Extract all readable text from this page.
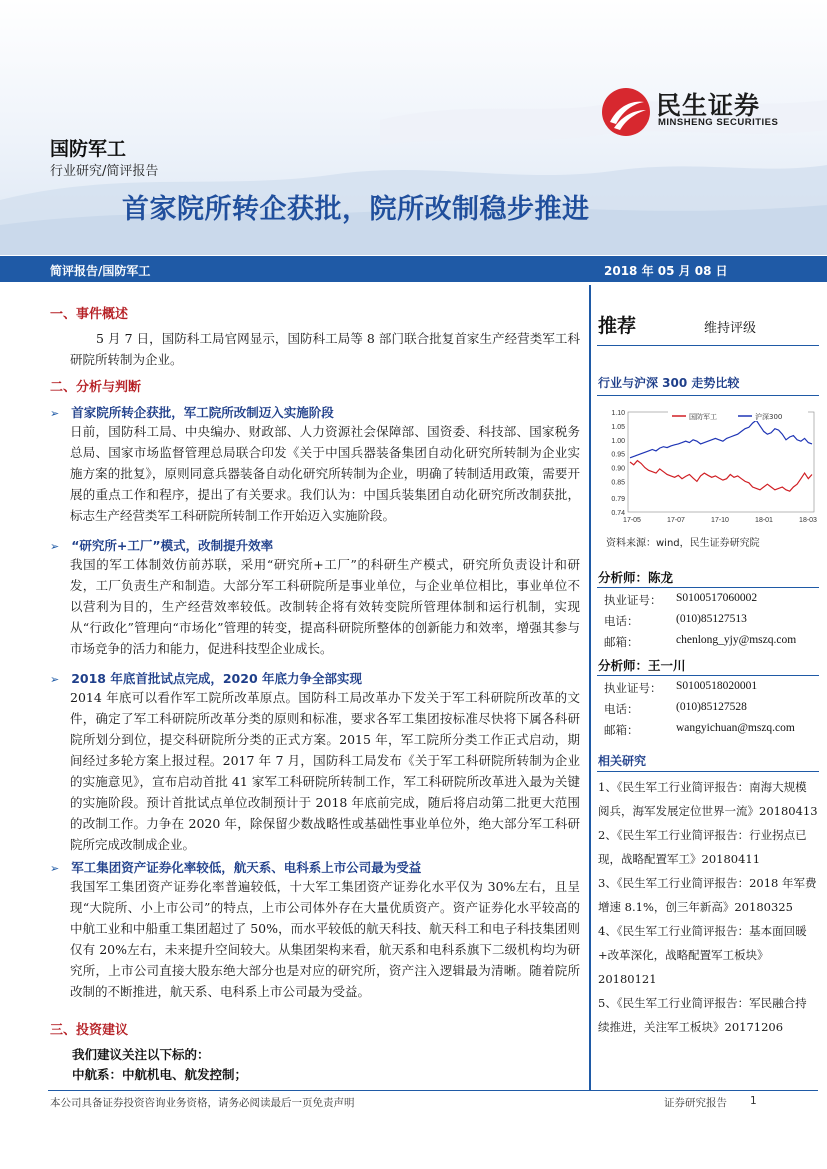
民生证券
MINSHENG SECURITIES
国防军工
行业研究/简评报告
首家院所转企获批，院所改制稳步推进
简评报告/国防军工	2018 年 05 月 08 日
一、事件概述
5 月 7 日，国防科工局官网显示，国防科工局等 8 部门联合批复首家生产经营类军工科研院所转制为企业。
二、分析与判断
➢ 首家院所转企获批，军工院所改制迈入实施阶段
日前，国防科工局、中央编办、财政部、人力资源社会保障部、国资委、科技部、国家税务总局、国家市场监督管理总局联合印发《关于中国兵器装备集团自动化研究所转制为企业实施方案的批复》，原则同意兵器装备自动化研究所转制为企业，明确了转制适用政策，需要开展的重点工作和程序，提出了有关要求。我们认为：中国兵装集团自动化研究所改制获批，标志生产经营类军工科研院所转制工作开始迈入实施阶段。
➢ “研究所+工厂”模式，改制提升效率
我国的军工体制效仿前苏联，采用“研究所+工厂”的科研生产模式，研究所负责设计和研发，工厂负责生产和制造。大部分军工科研院所是事业单位，与企业单位相比，事业单位不以营利为目的，生产经营效率较低。改制转企将有效转变院所管理体制和运行机制，实现从“行政化”管理向“市场化”管理的转变，提高科研院所整体的创新能力和效率，增强其参与市场竞争的活力和能力，促进科技型企业成长。
➢ 2018 年底首批试点完成，2020 年底力争全部实现
2014 年底可以看作军工院所改革原点。国防科工局改革办下发关于军工科研院所改革的文件，确定了军工科研院所改革分类的原则和标准，要求各军工集团按标准尽快将下属各科研院所划分到位，提交科研院所分类的正式方案。2015 年，军工院所分类工作正式启动，期间经过多轮方案上报过程。2017 年 7 月，国防科工局发布《关于军工科研院所转制为企业的实施意见》，宣布启动首批 41 家军工科研院所转制工作，军工科研院所改革进入最为关键的实施阶段。预计首批试点单位改制预计于 2018 年底前完成，随后将启动第二批更大范围的改制工作。力争在 2020 年，除保留少数战略性或基础性事业单位外，绝大部分军工科研院所完成改制成企业。
➢ 军工集团资产证券化率较低，航天系、电科系上市公司最为受益
我国军工集团资产证券化率普遍较低，十大军工集团资产证券化水平仅为 30%左右，且呈现“大院所、小上市公司”的特点，上市公司体外存在大量优质资产。资产证券化水平较高的中航工业和中船重工集团超过了 50%，而水平较低的航天科技、航天科工和电子科技集团则仅有 20%左右，未来提升空间较大。从集团架构来看，航天系和电科系旗下二级机构均为研究所，上市公司直接大股东绝大部分也是对应的研究所，资产注入逻辑最为清晰。随着院所改制的不断推进，航天系、电科系上市公司最为受益。
三、投资建议
我们建议关注以下标的：
中航系：中航机电、航发控制；
推荐	维持评级
行业与沪深 300 走势比较
1.10
1.05
1.00
0.95
0.90
0.85
0.79
0.74
17-05	17-07	17-10	18-01	18-03
国防军工	沪深300
资料来源：wind，民生证券研究院
分析师：陈龙
执业证号： S0100517060002
电话：	(010)85127513
邮箱：	chenlong_yjy@mszq.com
分析师：王一川
执业证号： S0100518020001
电话：	(010)85127528
邮箱：	wangyichuan@mszq.com
相关研究

1、《民生军工行业简评报告：南海大规模阅兵，海军发展定位世界一流》20180413

2、《民生军工行业简评报告：行业拐点已现，战略配置军工》20180411

3、《民生军工行业简评报告：2018 年军费增速 8.1%，创三年新高》20180325

4、《民生军工行业简评报告：基本面回暖+改革深化，战略配置军工板块》20180121

5、《民生军工行业简评报告：军民融合持续推进，关注军工板块》20171206

本公司具备证券投资咨询业务资格，请务必阅读最后一页免责声明	证券研究报告 1
